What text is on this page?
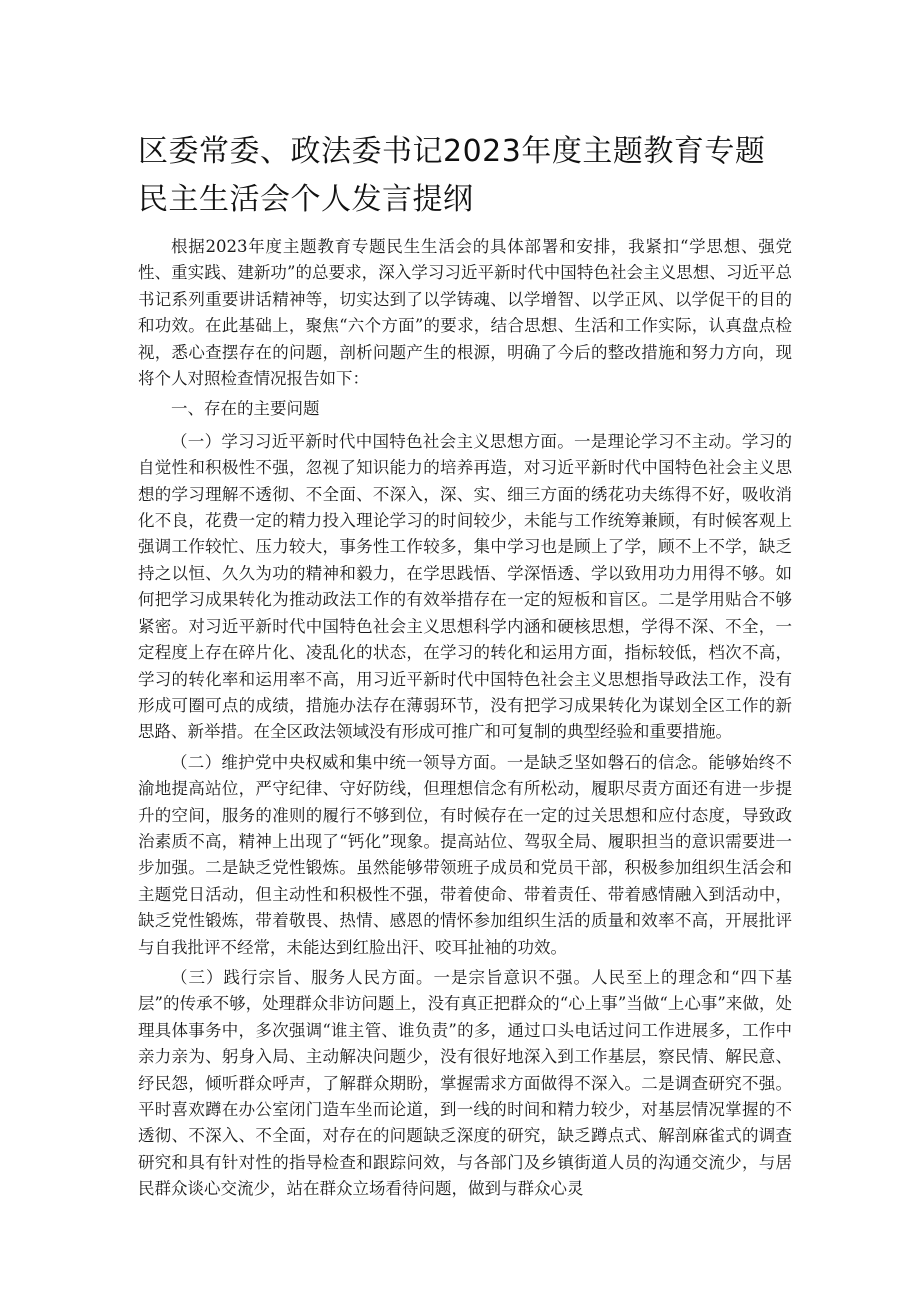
区委常委、政法委书记2023年度主题教育专题民主生活会个人发言提纲

根据2023年度主题教育专题民生生活会的具体部署和安排，我紧扣“学思想、强党性、重实践、建新功”的总要求，深入学习习近平新时代中国特色社会主义思想、习近平总书记系列重要讲话精神等，切实达到了以学铸魂、以学增智、以学正风、以学促干的目的和功效。在此基础上，聚焦“六个方面”的要求，结合思想、生活和工作实际，认真盘点检视，悉心查摆存在的问题，剖析问题产生的根源，明确了今后的整改措施和努力方向，现将个人对照检查情况报告如下：

一、存在的主要问题

（一）学习习近平新时代中国特色社会主义思想方面。一是理论学习不主动。学习的自觉性和积极性不强，忽视了知识能力的培养再造，对习近平新时代中国特色社会主义思想的学习理解不透彻、不全面、不深入，深、实、细三方面的绣花功夫练得不好，吸收消化不良，花费一定的精力投入理论学习的时间较少，未能与工作统筹兼顾，有时候客观上强调工作较忙、压力较大，事务性工作较多，集中学习也是顾上了学，顾不上不学，缺乏持之以恒、久久为功的精神和毅力，在学思践悟、学深悟透、学以致用功力用得不够。如何把学习成果转化为推动政法工作的有效举措存在一定的短板和盲区。二是学用贴合不够紧密。对习近平新时代中国特色社会主义思想科学内涵和硬核思想，学得不深、不全，一定程度上存在碎片化、凌乱化的状态，在学习的转化和运用方面，指标较低，档次不高，学习的转化率和运用率不高，用习近平新时代中国特色社会主义思想指导政法工作，没有形成可圈可点的成绩，措施办法存在薄弱环节，没有把学习成果转化为谋划全区工作的新思路、新举措。在全区政法领域没有形成可推广和可复制的典型经验和重要措施。

（二）维护党中央权威和集中统一领导方面。一是缺乏坚如磐石的信念。能够始终不渝地提高站位，严守纪律、守好防线，但理想信念有所松动，履职尽责方面还有进一步提升的空间，服务的准则的履行不够到位，有时候存在一定的过关思想和应付态度，导致政治素质不高，精神上出现了“钙化”现象。提高站位、驾驭全局、履职担当的意识需要进一步加强。二是缺乏党性锻炼。虽然能够带领班子成员和党员干部，积极参加组织生活会和主题党日活动，但主动性和积极性不强，带着使命、带着责任、带着感情融入到活动中，缺乏党性锻炼，带着敬畏、热情、感恩的情怀参加组织生活的质量和效率不高，开展批评与自我批评不经常，未能达到红脸出汗、咬耳扯袖的功效。

（三）践行宗旨、服务人民方面。一是宗旨意识不强。人民至上的理念和“四下基层”的传承不够，处理群众非访问题上，没有真正把群众的“心上事”当做“上心事”来做，处理具体事务中，多次强调“谁主管、谁负责”的多，通过口头电话过问工作进展多，工作中亲力亲为、躬身入局、主动解决问题少，没有很好地深入到工作基层，察民情、解民意、纾民怨，倾听群众呼声，了解群众期盼，掌握需求方面做得不深入。二是调查研究不强。平时喜欢蹲在办公室闭门造车坐而论道，到一线的时间和精力较少，对基层情况掌握的不透彻、不深入、不全面，对存在的问题缺乏深度的研究，缺乏蹲点式、解剖麻雀式的调查研究和具有针对性的指导检查和跟踪问效，与各部门及乡镇街道人员的沟通交流少，与居民群众谈心交流少，站在群众立场看待问题，做到与群众心灵
